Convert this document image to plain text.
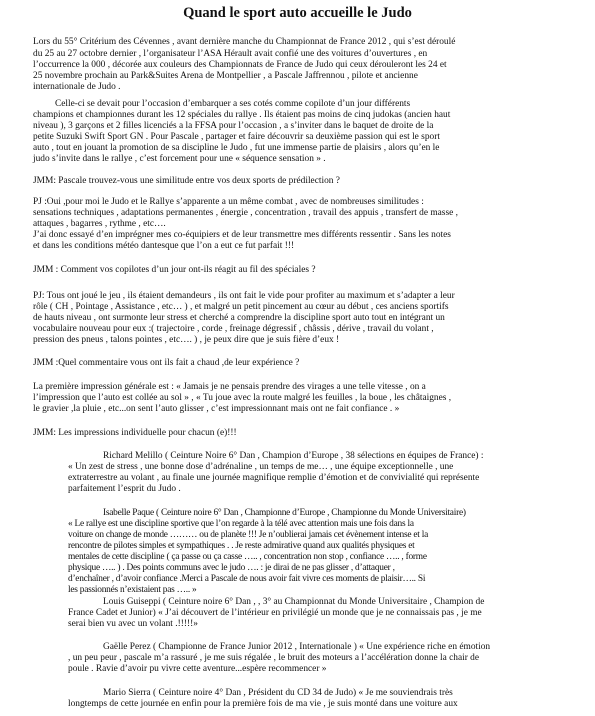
Quand le sport auto accueille le Judo
Lors du 55° Critérium des Cévennes , avant dernière manche du Championnat de France 2012 , qui s’est déroulé
du 25 au 27 octobre dernier , l’organisateur l’ASA Hérault avait confié une des voitures d’ouvertures , en
l’occurrence la 000 , décorée aux couleurs des Championnats de France de Judo qui ceux dérouleront les 24 et
25 novembre prochain au Park&Suites Arena de Montpellier , a Pascale Jaffrennou , pilote et ancienne
internationale de Judo .
Celle-ci se devait pour l’occasion d’embarquer a ses cotés comme copilote d’un jour différents
champions et championnes durant les 12 spéciales du rallye . Ils étaient pas moins de cinq judokas (ancien haut
niveau ), 3 garçons et 2 filles licenciés a la FFSA pour l’occasion , a s’inviter dans le baquet de droite de la
petite Suzuki Swift Sport GN . Pour Pascale , partager et faire découvrir sa deuxième passion qui est le sport
auto , tout en jouant la promotion de sa discipline le Judo , fut une immense partie de plaisirs , alors qu’en le
judo s’invite dans le rallye , c’est forcement pour une « séquence sensation » .
JMM: Pascale trouvez-vous une similitude entre vos deux sports de prédilection ?
PJ :Oui ,pour moi le Judo et le Rallye s’apparente a un même combat , avec de nombreuses similitudes :
sensations techniques , adaptations permanentes , énergie , concentration , travail des appuis , transfert de masse ,
attaques , bagarres , rythme , etc….
J’ai donc essayé d’en imprégner mes co-équipiers et de leur transmettre mes différents ressentir . Sans les notes
et dans les conditions météo dantesque que l’on a eut ce fut parfait !!!
JMM : Comment vos copilotes d’un jour ont-ils réagit au fil des spéciales ?
PJ: Tous ont joué le jeu , ils étaient demandeurs , ils ont fait le vide pour profiter au maximum et s’adapter a leur
rôle ( CH , Pointage , Assistance , etc… ) , et malgré un petit pincement au cœur au début , ces anciens sportifs
de hauts niveau , ont surmonte leur stress et cherché a comprendre la discipline sport auto tout en intégrant un
vocabulaire nouveau pour eux :( trajectoire , corde , freinage dégressif , châssis , dérive , travail du volant ,
pression des pneus , talons pointes , etc…. ) , je peux dire que je suis fière d’eux !
JMM :Quel commentaire vous ont ils fait a chaud ,de leur expérience ?
La première impression générale est : « Jamais je ne pensais prendre des virages a une telle vitesse , on a
l’impression que l’auto est collée au sol » , « Tu joue avec la route malgré les feuilles , la boue , les châtaignes ,
le gravier ,la pluie , etc...on sent l’auto glisser , c’est impressionnant mais ont ne fait confiance . »
JMM: Les impressions individuelle pour chacun (e)!!!
Richard Melillo ( Ceinture Noire 6° Dan , Champion d’Europe , 38 sélections en équipes de France) :
« Un zest de stress , une bonne dose d’adrénaline , un temps de me… , une équipe exceptionnelle , une
extraterrestre au volant , au finale une journée magnifique remplie d’émotion et de convivialité qui représente
parfaitement l’esprit du Judo .
Isabelle Paque ( Ceinture noire 6° Dan , Championne d’Europe , Championne du Monde Universitaire)
« Le rallye est une discipline sportive que l’on regarde à la télé avec attention mais une fois dans la
voiture on change de monde ……… ou de planète !!! Je n’oublierai jamais cet évènement intense et la
rencontre de pilotes simples et sympathiques . . Je reste admirative quand aux qualités physiques et
mentales de cette discipline ( ça passe ou ça casse ….. , concentration non stop , confiance ….. , forme
physique ….. ) . Des points communs avec le judo …. : je dirai de ne pas glisser , d’attaquer ,
d’enchaîner , d’avoir confiance .Merci a Pascale de nous avoir fait vivre ces moments de plaisir….. Si
les passionnés n’existaient pas ….. »
Louis Guiseppi ( Ceinture noire 6° Dan , , 3° au Championnat du Monde Universitaire , Champion de
France Cadet et Junior) « J’ai découvert de l’intérieur en privilégié un monde que je ne connaissais pas , je me
serai bien vu avec un volant .!!!!!»
Gaëlle Perez ( Championne de France Junior 2012 , Internationale ) « Une expérience riche en émotion
, un peu peur , pascale m’a rassuré , je me suis régalée , le bruit des moteurs a l’accélération donne la chair de
poule . Ravie d’avoir pu vivre cette aventure...espère recommencer »
Mario Sierra ( Ceinture noire 4° Dan , Président du CD 34 de Judo) « Je me souviendrais très
longtemps de cette journée en enfin pour la première fois de ma vie , je suis monté dans une voiture aux
